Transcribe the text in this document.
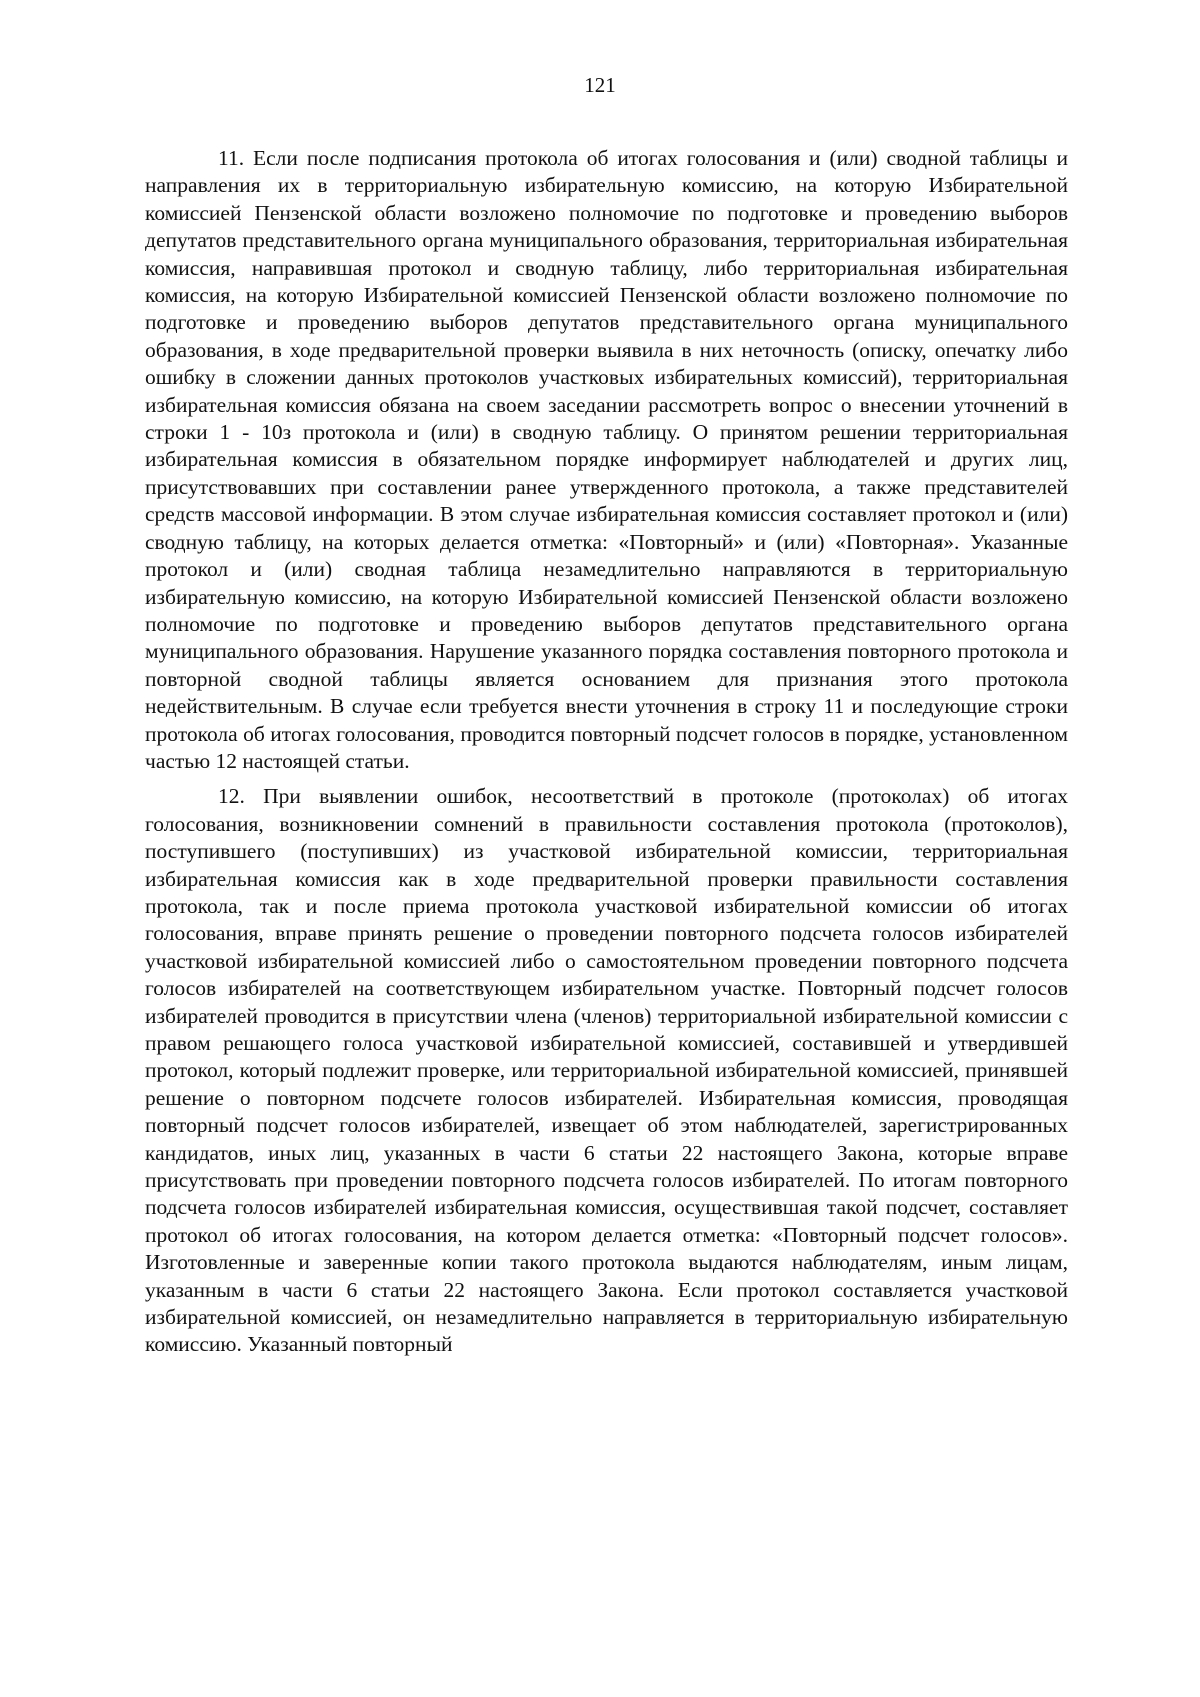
121

11. Если после подписания протокола об итогах голосования и (или) сводной таблицы и направления их в территориальную избирательную комиссию, на которую Избирательной комиссией Пензенской области возложено полномочие по подготовке и проведению выборов депутатов представительного органа муниципального образования, территориальная избирательная комиссия, направившая протокол и сводную таблицу, либо территориальная избирательная комиссия, на которую Избирательной комиссией Пензенской области возложено полномочие по подготовке и проведению выборов депутатов представительного органа муниципального образования, в ходе предварительной проверки выявила в них неточность (описку, опечатку либо ошибку в сложении данных протоколов участковых избирательных комиссий), территориальная избирательная комиссия обязана на своем заседании рассмотреть вопрос о внесении уточнений в строки 1 - 10з протокола и (или) в сводную таблицу. О принятом решении территориальная избирательная комиссия в обязательном порядке информирует наблюдателей и других лиц, присутствовавших при составлении ранее утвержденного протокола, а также представителей средств массовой информации. В этом случае избирательная комиссия составляет протокол и (или) сводную таблицу, на которых делается отметка: «Повторный» и (или) «Повторная». Указанные протокол и (или) сводная таблица незамедлительно направляются в территориальную избирательную комиссию, на которую Избирательной комиссией Пензенской области возложено полномочие по подготовке и проведению выборов депутатов представительного органа муниципального образования. Нарушение указанного порядка составления повторного протокола и повторной сводной таблицы является основанием для признания этого протокола недействительным. В случае если требуется внести уточнения в строку 11 и последующие строки протокола об итогах голосования, проводится повторный подсчет голосов в порядке, установленном частью 12 настоящей статьи.

12. При выявлении ошибок, несоответствий в протоколе (протоколах) об итогах голосования, возникновении сомнений в правильности составления протокола (протоколов), поступившего (поступивших) из участковой избирательной комиссии, территориальная избирательная комиссия как в ходе предварительной проверки правильности составления протокола, так и после приема протокола участковой избирательной комиссии об итогах голосования, вправе принять решение о проведении повторного подсчета голосов избирателей участковой избирательной комиссией либо о самостоятельном проведении повторного подсчета голосов избирателей на соответствующем избирательном участке. Повторный подсчет голосов избирателей проводится в присутствии члена (членов) территориальной избирательной комиссии с правом решающего голоса участковой избирательной комиссией, составившей и утвердившей протокол, который подлежит проверке, или территориальной избирательной комиссией, принявшей решение о повторном подсчете голосов избирателей. Избирательная комиссия, проводящая повторный подсчет голосов избирателей, извещает об этом наблюдателей, зарегистрированных кандидатов, иных лиц, указанных в части 6 статьи 22 настоящего Закона, которые вправе присутствовать при проведении повторного подсчета голосов избирателей. По итогам повторного подсчета голосов избирателей избирательная комиссия, осуществившая такой подсчет, составляет протокол об итогах голосования, на котором делается отметка: «Повторный подсчет голосов». Изготовленные и заверенные копии такого протокола выдаются наблюдателям, иным лицам, указанным в части 6 статьи 22 настоящего Закона. Если протокол составляется участковой избирательной комиссией, он незамедлительно направляется в территориальную избирательную комиссию. Указанный повторный
